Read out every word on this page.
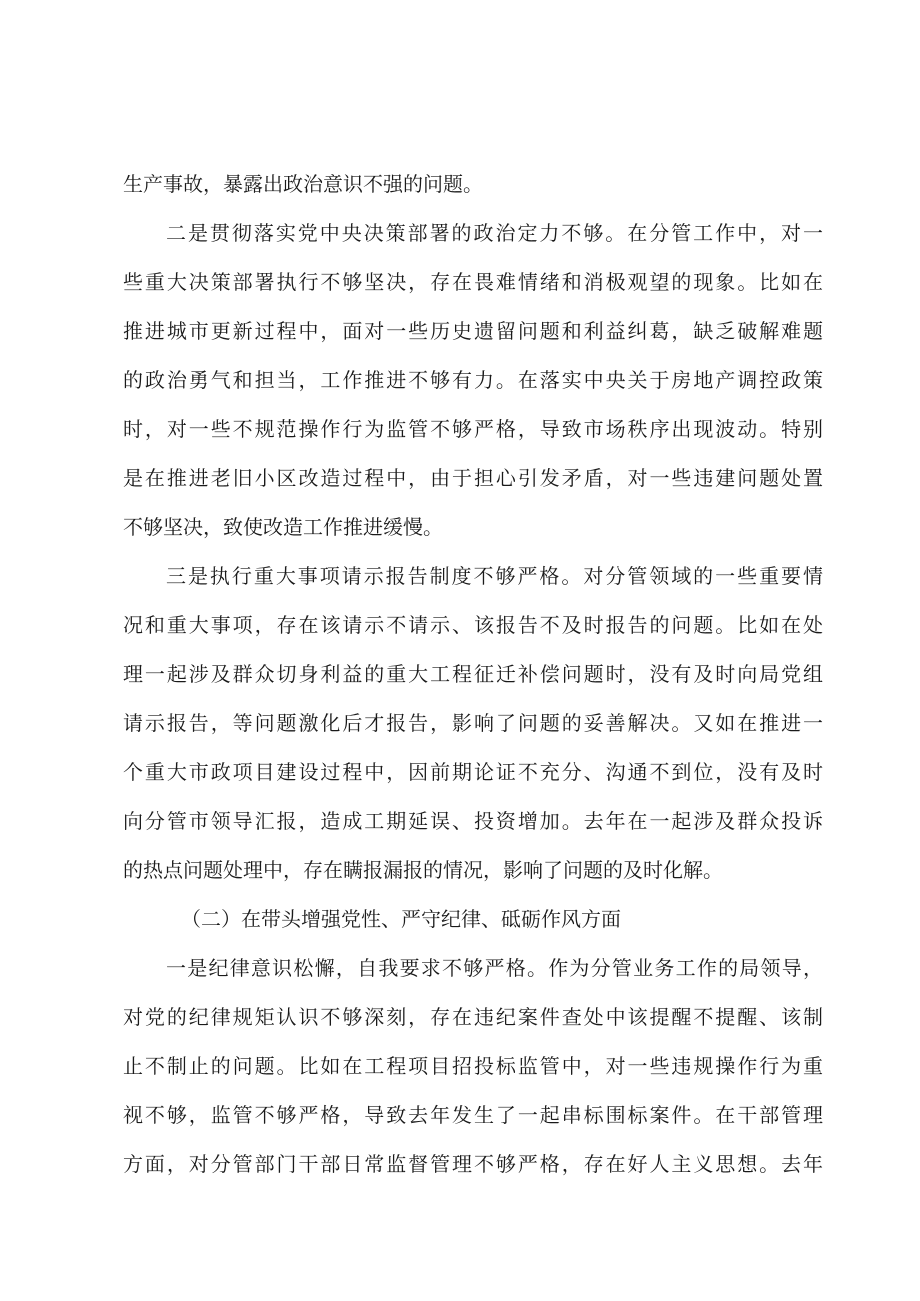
生产事故，暴露出政治意识不强的问题。
二是贯彻落实党中央决策部署的政治定力不够。在分管工作中，对一
些重大决策部署执行不够坚决，存在畏难情绪和消极观望的现象。比如在
推进城市更新过程中，面对一些历史遗留问题和利益纠葛，缺乏破解难题
的政治勇气和担当，工作推进不够有力。在落实中央关于房地产调控政策
时，对一些不规范操作行为监管不够严格，导致市场秩序出现波动。特别
是在推进老旧小区改造过程中，由于担心引发矛盾，对一些违建问题处置
不够坚决，致使改造工作推进缓慢。
三是执行重大事项请示报告制度不够严格。对分管领域的一些重要情
况和重大事项，存在该请示不请示、该报告不及时报告的问题。比如在处
理一起涉及群众切身利益的重大工程征迁补偿问题时，没有及时向局党组
请示报告，等问题激化后才报告，影响了问题的妥善解决。又如在推进一
个重大市政项目建设过程中，因前期论证不充分、沟通不到位，没有及时
向分管市领导汇报，造成工期延误、投资增加。去年在一起涉及群众投诉
的热点问题处理中，存在瞒报漏报的情况，影响了问题的及时化解。
（二）在带头增强党性、严守纪律、砥砺作风方面
一是纪律意识松懈，自我要求不够严格。作为分管业务工作的局领导，
对党的纪律规矩认识不够深刻，存在违纪案件查处中该提醒不提醒、该制
止不制止的问题。比如在工程项目招投标监管中，对一些违规操作行为重
视不够，监管不够严格，导致去年发生了一起串标围标案件。在干部管理
方面，对分管部门干部日常监督管理不够严格，存在好人主义思想。去年
